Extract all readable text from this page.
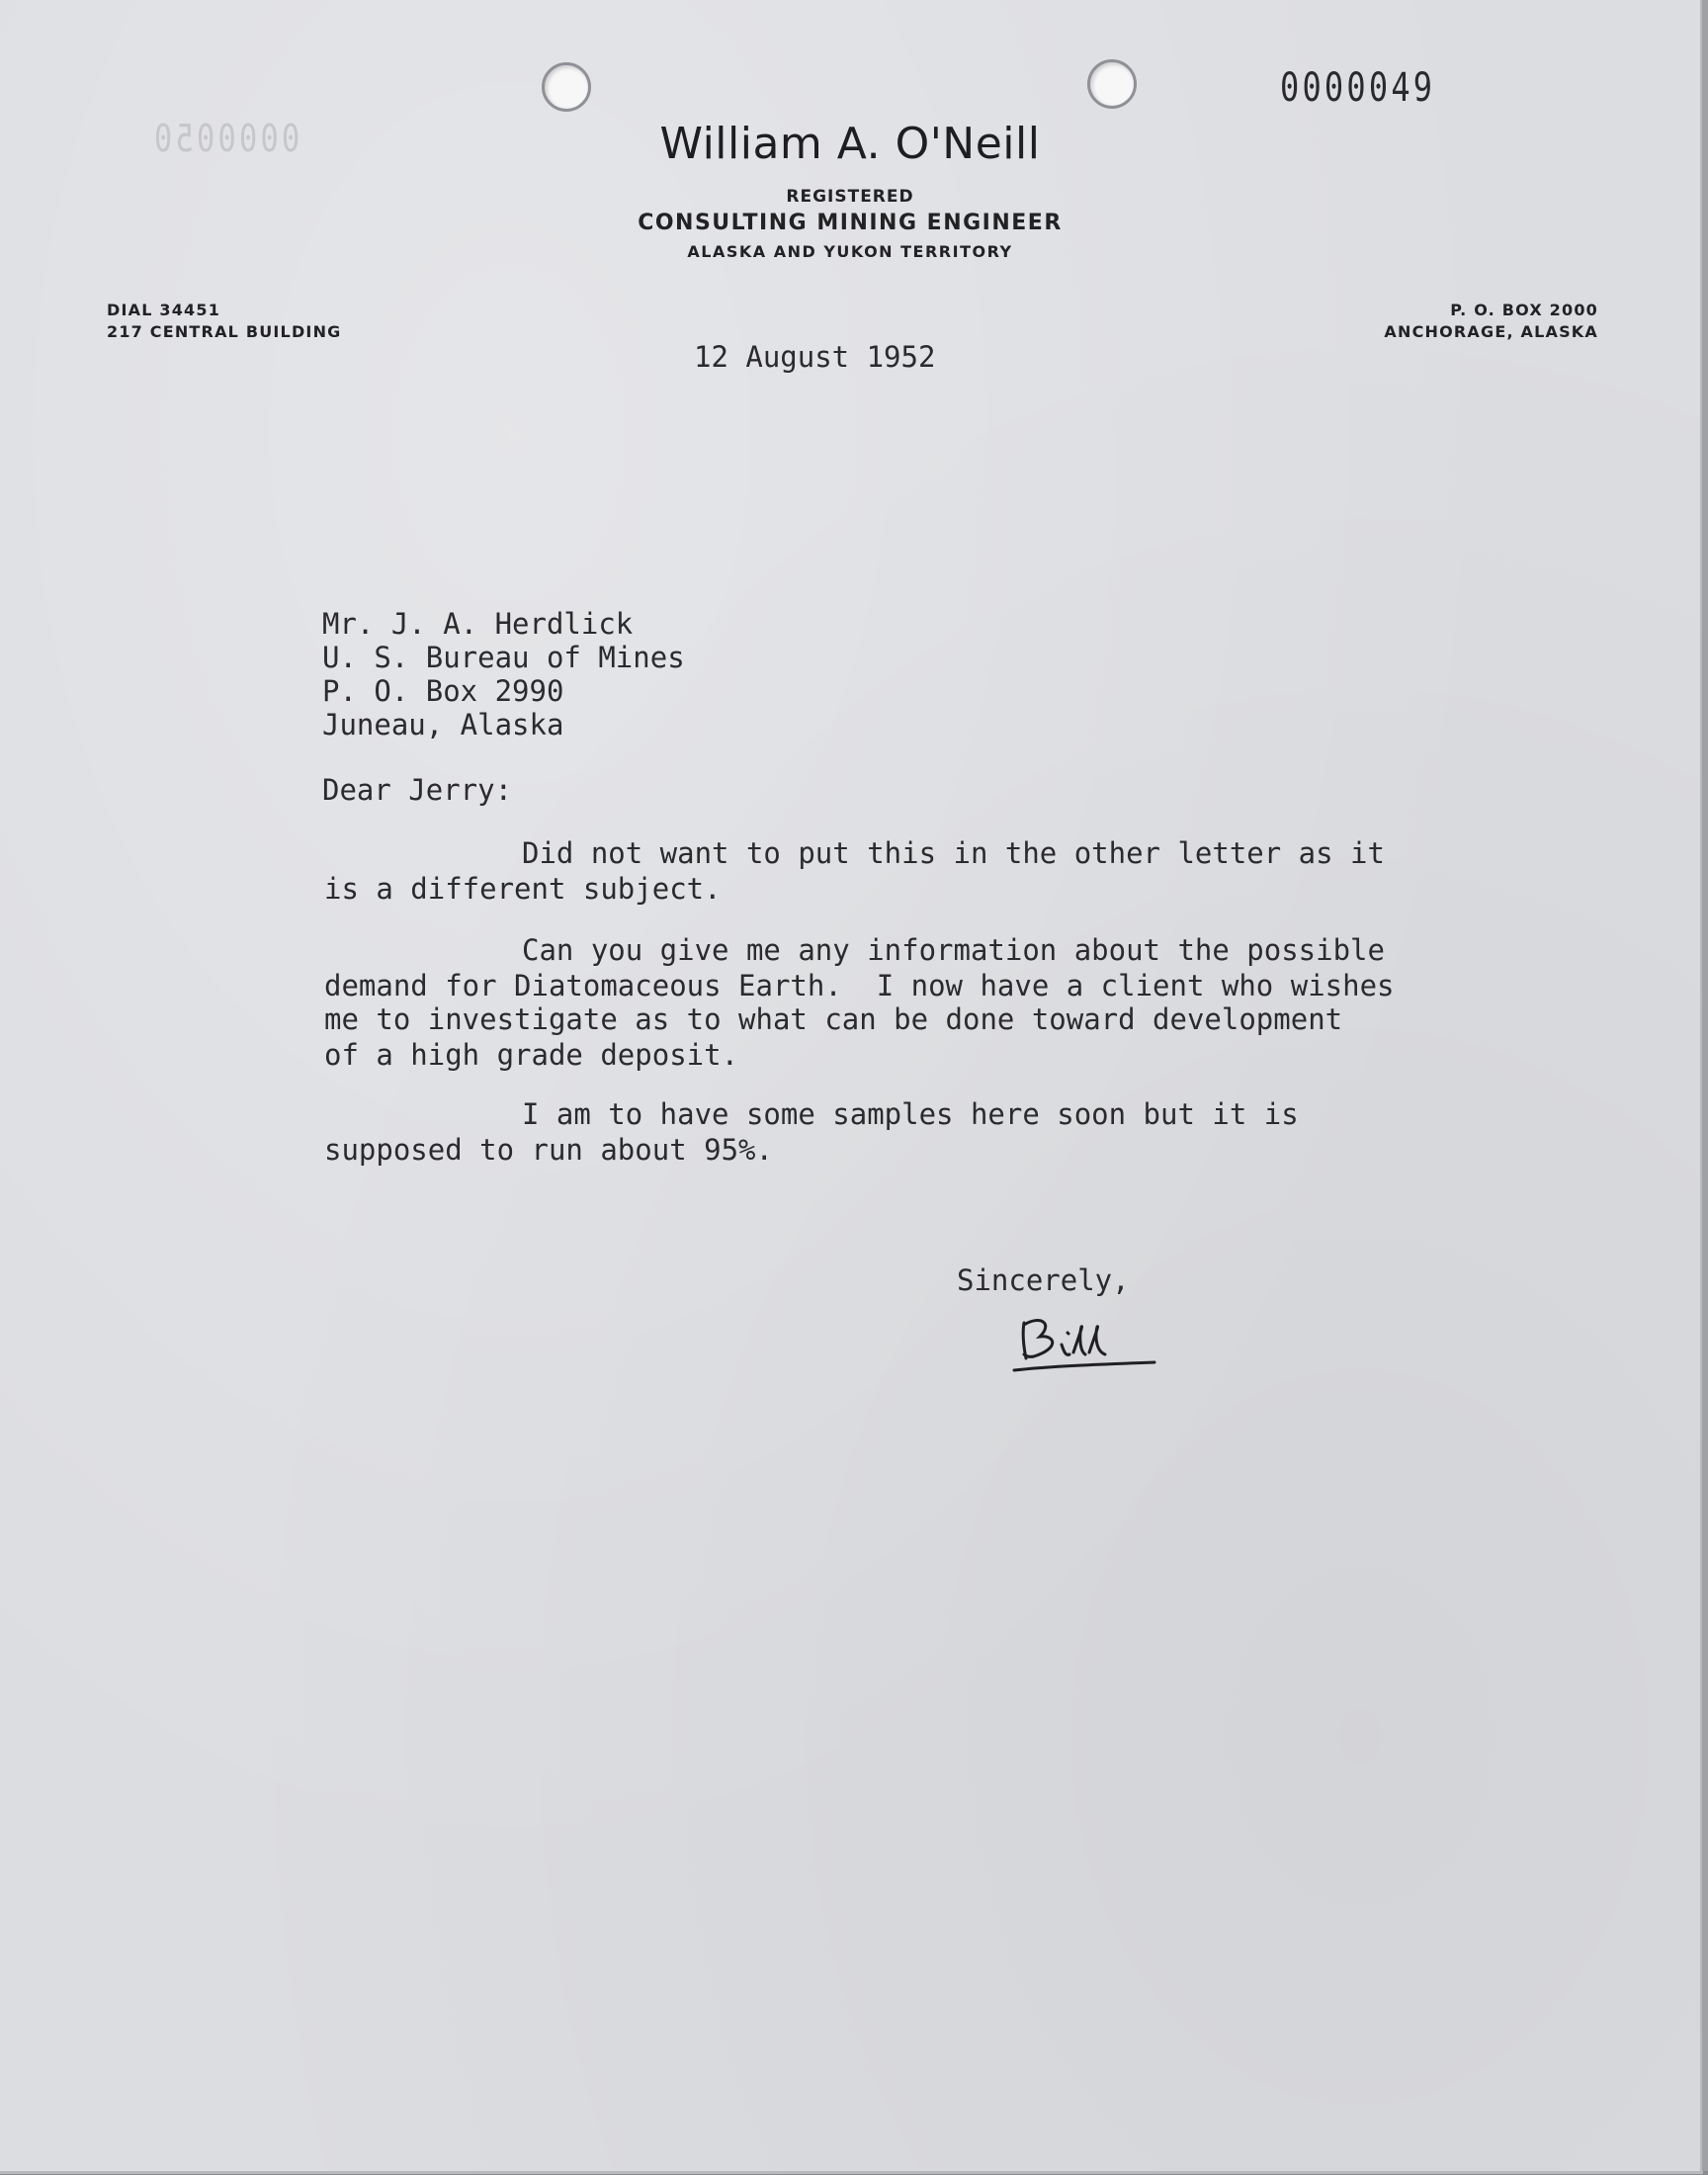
0000049
0000050	William A. O'Neill
REGISTERED
CONSULTING MINING ENGINEER
ALASKA AND YUKON TERRITORY
DIAL 34451
217 CENTRAL BUILDING
P. O. BOX 2000
ANCHORAGE, ALASKA
12 August 1952
Mr. J. A. Herdlick
U. S. Bureau of Mines
P. O. Box 2990
Juneau, Alaska
Dear Jerry:
Did not want to put this in the other letter as it
is a different subject.
Can you give me any information about the possible
demand for Diatomaceous Earth.  I now have a client who wishes
me to investigate as to what can be done toward development
of a high grade deposit.
I am to have some samples here soon but it is
supposed to run about 95%.
Sincerely,
